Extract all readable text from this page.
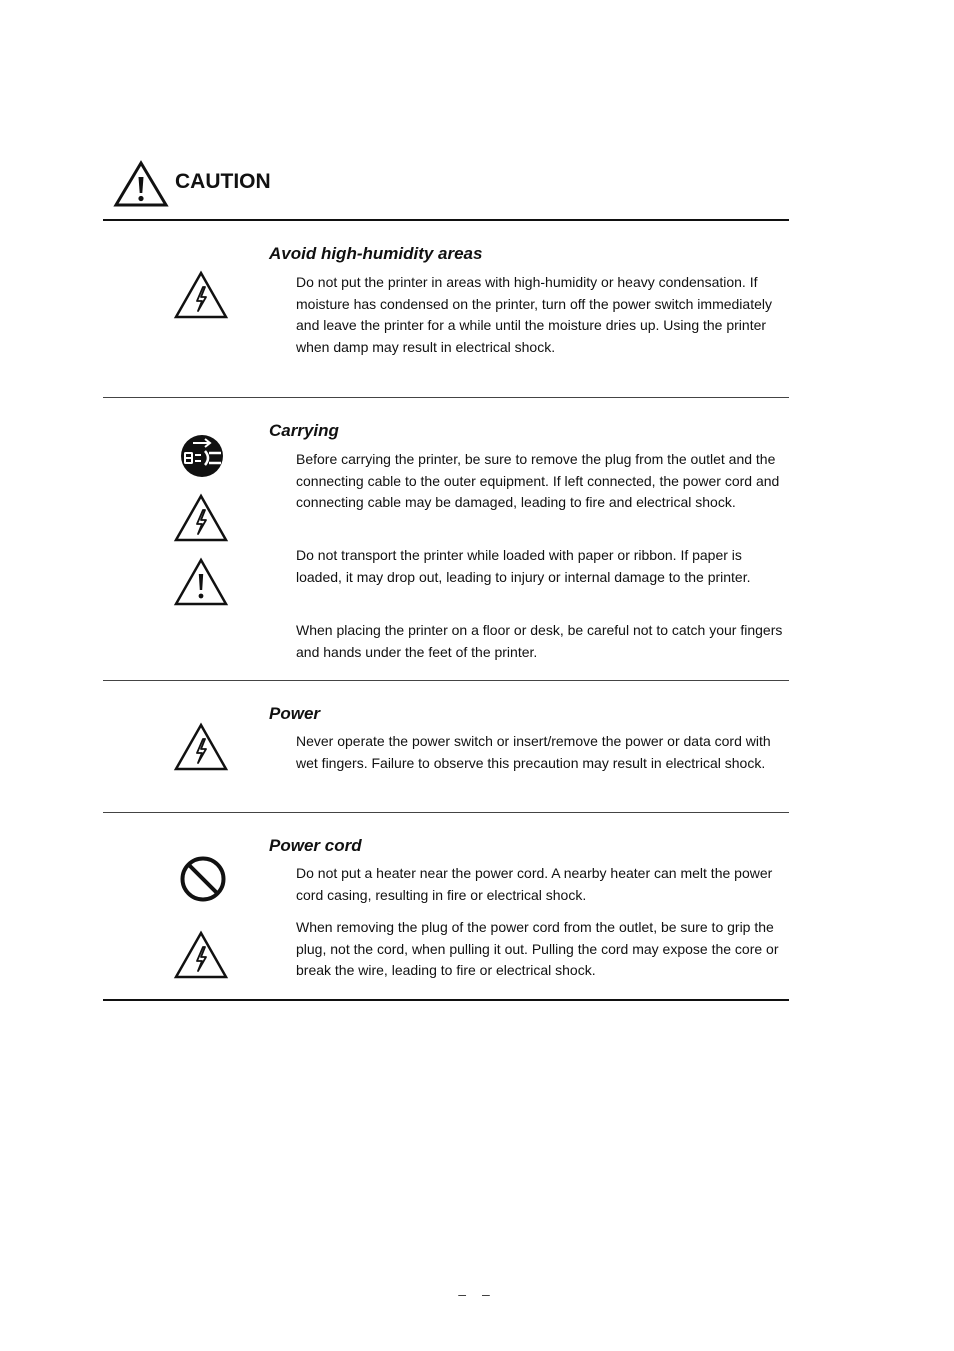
CAUTION
Avoid high-humidity areas

Do not put the printer in areas with high-humidity or heavy condensation. If moisture has condensed on the printer, turn off the power switch immediately and leave the printer for a while until the moisture dries up. Using the printer when damp may result in electrical shock.

Carrying

Before carrying the printer, be sure to remove the plug from the outlet and the connecting cable to the outer equipment. If left connected, the power cord and connecting cable may be damaged, leading to fire and electrical shock.

Do not transport the printer while loaded with paper or ribbon. If paper is loaded, it may drop out, leading to injury or internal damage to the printer.

When placing the printer on a floor or desk, be careful not to catch your fingers and hands under the feet of the printer.

Power

Never operate the power switch or insert/remove the power or data cord with wet fingers. Failure to observe this precaution may result in electrical shock.

Power cord

Do not put a heater near the power cord. A nearby heater can melt the power cord casing, resulting in fire or electrical shock.

When removing the plug of the power cord from the outlet, be sure to grip the plug, not the cord, when pulling it out. Pulling the cord may expose the core or break the wire, leading to fire or electrical shock.

– –
